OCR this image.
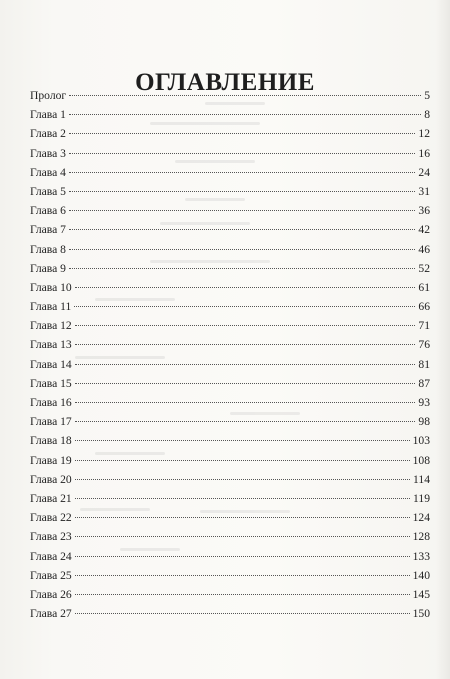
ОГЛАВЛЕНИЕ
Пролог	5
Глава 1	8
Глава 2	12
Глава 3	16
Глава 4	24
Глава 5	31
Глава 6	36
Глава 7	42
Глава 8	46
Глава 9	52
Глава 10	61
Глава 11	66
Глава 12	71
Глава 13	76
Глава 14	81
Глава 15	87
Глава 16	93
Глава 17	98
Глава 18	103
Глава 19	108
Глава 20	114
Глава 21	119
Глава 22	124
Глава 23	128
Глава 24	133
Глава 25	140
Глава 26	145
Глава 27	150
